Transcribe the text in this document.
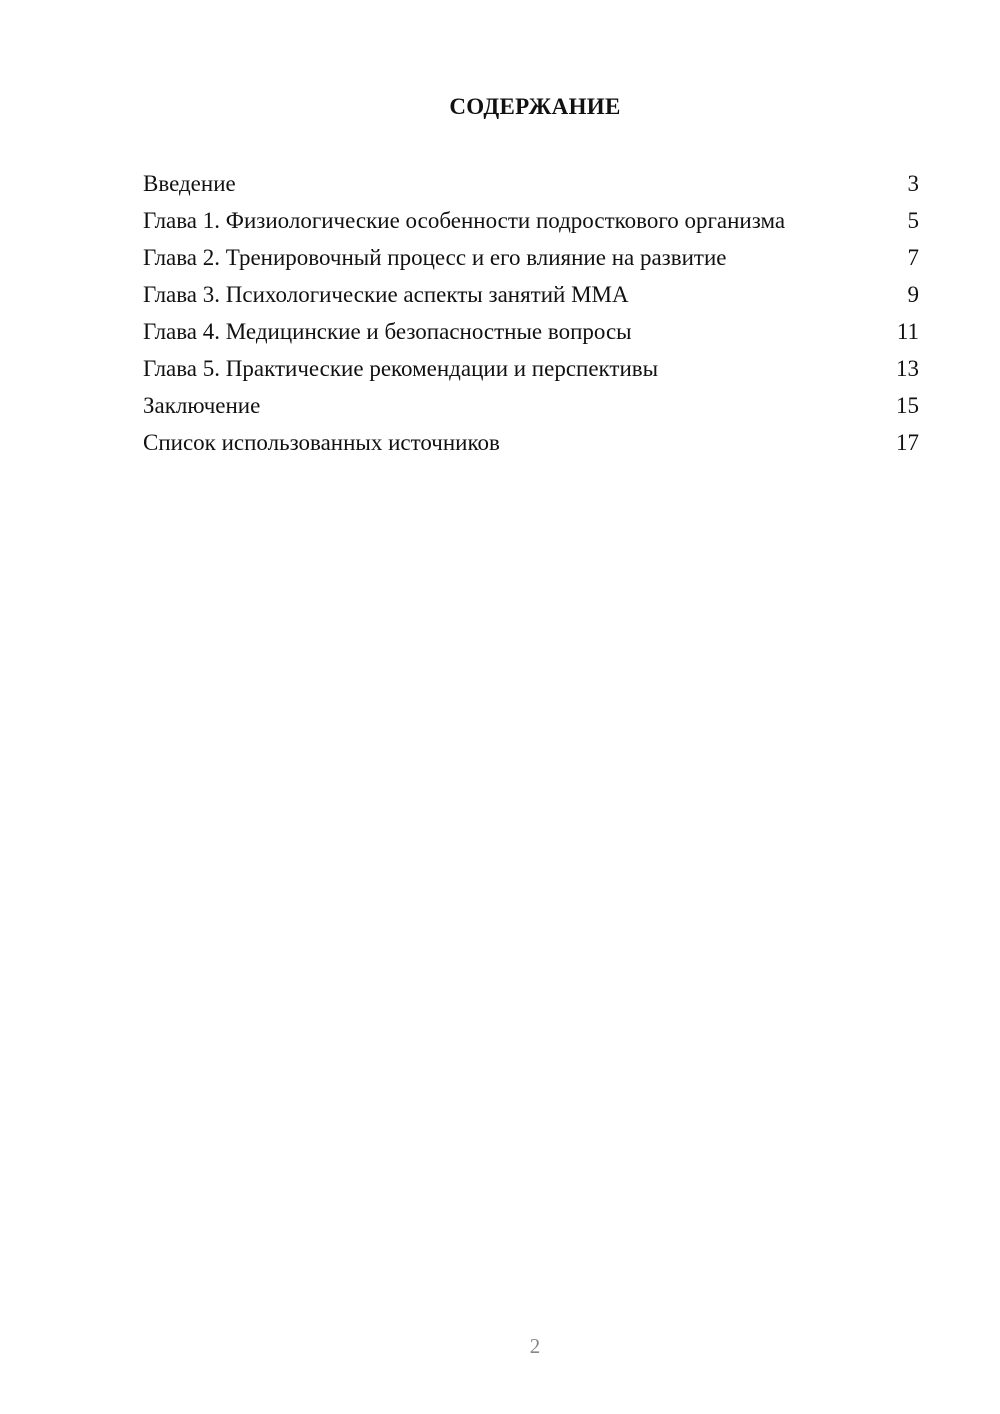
СОДЕРЖАНИЕ
Введение	3
Глава 1. Физиологические особенности подросткового организма	5
Глава 2. Тренировочный процесс и его влияние на развитие	7
Глава 3. Психологические аспекты занятий ММА	9
Глава 4. Медицинские и безопасностные вопросы	11
Глава 5. Практические рекомендации и перспективы	13
Заключение	15
Список использованных источников	17
2
